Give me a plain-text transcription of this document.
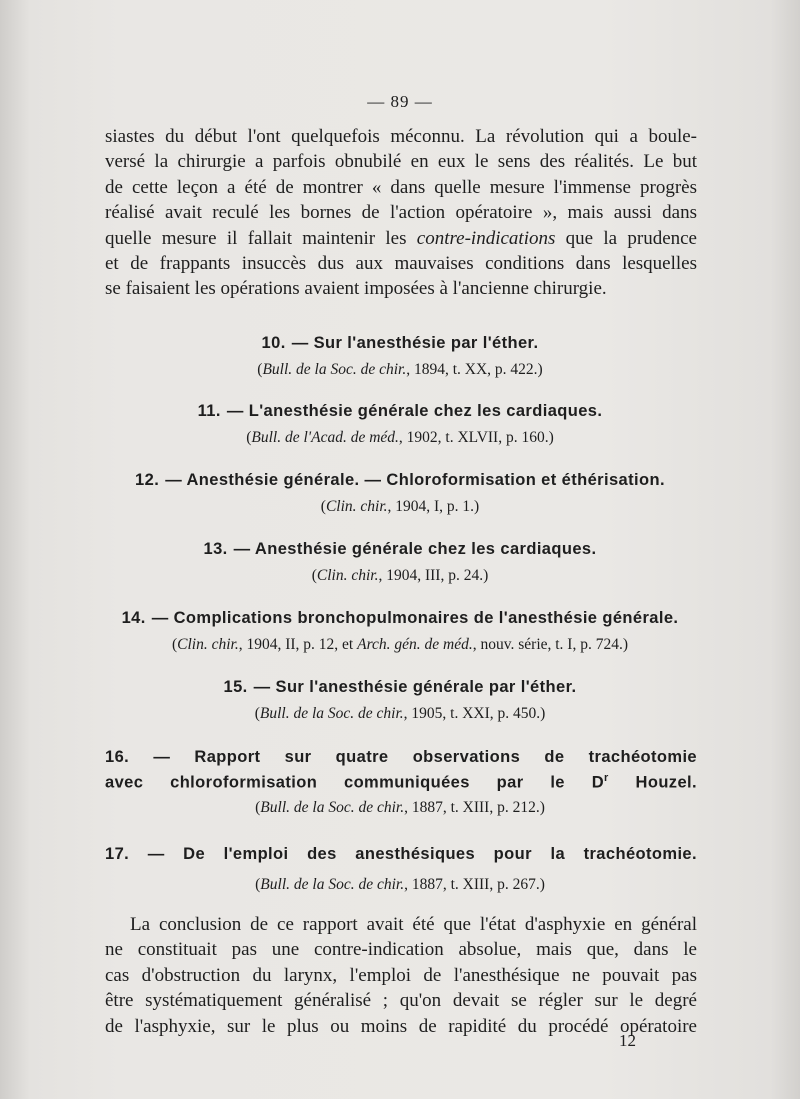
— 89 —

siastes du début l'ont quelquefois méconnu. La révolution qui a boule-
versé la chirurgie a parfois obnubilé en eux le sens des réalités. Le but
de cette leçon a été de montrer « dans quelle mesure l'immense progrès
réalisé avait reculé les bornes de l'action opératoire », mais aussi dans
quelle mesure il fallait maintenir les contre-indications que la prudence
et de frappants insuccès dus aux mauvaises conditions dans lesquelles
se faisaient les opérations avaient imposées à l'ancienne chirurgie.

10. — Sur l'anesthésie par l'éther.
(Bull. de la Soc. de chir., 1894, t. XX, p. 422.)
11. — L'anesthésie générale chez les cardiaques.
(Bull. de l'Acad. de méd., 1902, t. XLVII, p. 160.)
12. — Anesthésie générale. — Chloroformisation et éthérisation.
(Clin. chir., 1904, I, p. 1.)
13. — Anesthésie générale chez les cardiaques.
(Clin. chir., 1904, III, p. 24.)
14. — Complications bronchopulmonaires de l'anesthésie générale.
(Clin. chir., 1904, II, p. 12, et Arch. gén. de méd., nouv. série, t. I, p. 724.)
15. — Sur l'anesthésie générale par l'éther.
(Bull. de la Soc. de chir., 1905, t. XXI, p. 450.)
16. — Rapport sur quatre observations de trachéotomie
avec chloroformisation communiquées par le $D^r$ Houzel.
(Bull. de la Soc. de chir., 1887, t. XIII, p. 212.)
17. — De l'emploi des anesthésiques pour la trachéotomie.
(Bull. de la Soc. de chir., 1887, t. XIII, p. 267.)

La conclusion de ce rapport avait été que l'état d'asphyxie en général
ne constituait pas une contre-indication absolue, mais que, dans le
cas d'obstruction du larynx, l'emploi de l'anesthésique ne pouvait pas
être systématiquement généralisé ; qu'on devait se régler sur le degré
de l'asphyxie, sur le plus ou moins de rapidité du procédé opératoire

12
